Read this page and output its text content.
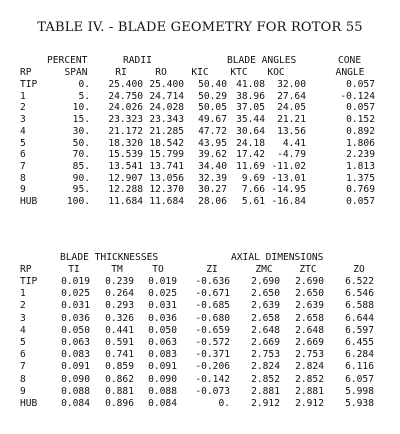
TABLE IV. - BLADE GEOMETRY FOR ROTOR 55
PERCENT	RADII	BLADE ANGLES	CONE
RP	SPAN	RI	RO	KIC	KTC	KOC	ANGLE
TIP	0. 25.400 25.400 50.40 41.08 32.00	0.057
1	5. 24.750 24.714 50.29 38.96 27.64	-0.124
2	10. 24.026 24.028 50.05 37.05 24.05	0.057
3	15. 23.323 23.343 49.67 35.44 21.21	0.152
4	30. 21.172 21.285 47.72 30.64 13.56	0.892
5	50. 18.320 18.542 43.95 24.18 4.41	1.806
6	70. 15.539 15.799 39.62 17.42 -4.79	2.239
7	85. 13.541 13.741 34.40 11.69 -11.02	1.813
8	90. 12.907 13.056 32.39 9.69 -13.01	1.375
9	95. 12.288 12.370 30.27 7.66 -14.95	0.769
HUB	100. 11.684 11.684 28.06 5.61 -16.84	0.057
BLADE THICKNESSES	AXIAL DIMENSIONS
RP	TI	TM	TO	ZI	ZMC	ZTC	ZO
TIP 0.019 0.239 0.019 -0.636 2.690 2.690 6.522
1	0.025 0.264 0.025 -0.671 2.650 2.650 6.546
2	0.031 0.293 0.031 -0.685 2.639 2.639 6.588
3	0.036 0.326 0.036 -0.680 2.658 2.658 6.644
4	0.050 0.441 0.050 -0.659 2.648 2.648 6.597
5	0.063 0.591 0.063 -0.572 2.669 2.669 6.455
6	0.083 0.741 0.083 -0.371 2.753 2.753 6.284
7	0.091 0.859 0.091 -0.206 2.824 2.824 6.116
8	0.090 0.862 0.090 -0.142 2.852 2.852 6.057
9	0.088 0.881 0.088 -0.073 2.881 2.881 5.998
HUB 0.084 0.896 0.084	0. 2.912 2.912 5.938
